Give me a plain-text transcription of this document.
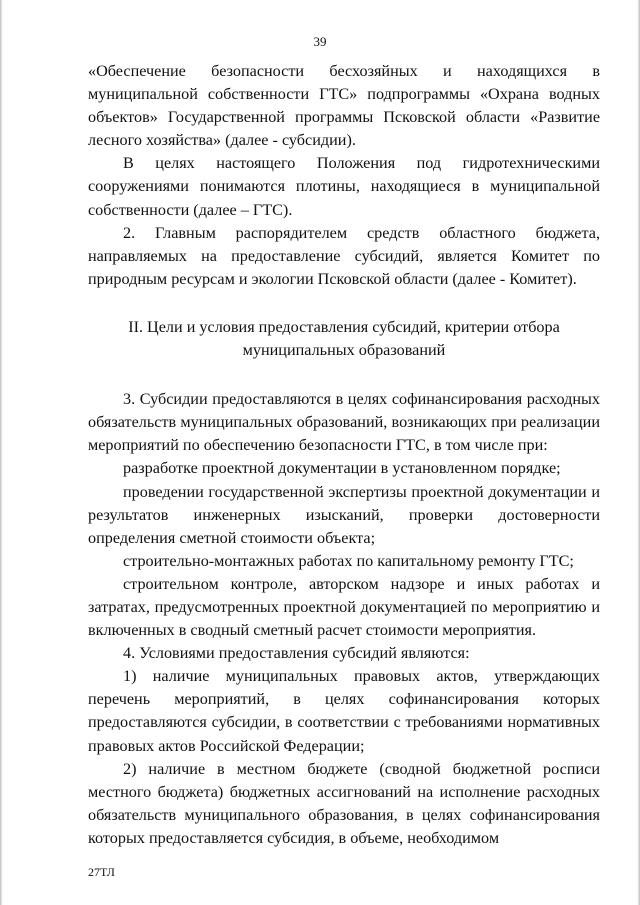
39

«Обеспечение безопасности бесхозяйных и находящихся в муниципальной собственности ГТС» подпрограммы «Охрана водных объектов» Государственной программы Псковской области «Развитие лесного хозяйства» (далее - субсидии).

В целях настоящего Положения под гидротехническими сооружениями понимаются плотины, находящиеся в муниципальной собственности (далее – ГТС).

2. Главным распорядителем средств областного бюджета, направляемых на предоставление субсидий, является Комитет по природным ресурсам и экологии Псковской области (далее - Комитет).

II. Цели и условия предоставления субсидий, критерии отбора муниципальных образований

3. Субсидии предоставляются в целях софинансирования расходных обязательств муниципальных образований, возникающих при реализации мероприятий по обеспечению безопасности ГТС, в том числе при:

разработке проектной документации в установленном порядке;

проведении государственной экспертизы проектной документации и результатов инженерных изысканий, проверки достоверности определения сметной стоимости объекта;

строительно-монтажных работах по капитальному ремонту ГТС;

строительном контроле, авторском надзоре и иных работах и затратах, предусмотренных проектной документацией по мероприятию и включенных в сводный сметный расчет стоимости мероприятия.

4. Условиями предоставления субсидий являются:

1) наличие муниципальных правовых актов, утверждающих перечень мероприятий, в целях софинансирования которых предоставляются субсидии, в соответствии с требованиями нормативных правовых актов Российской Федерации;

2) наличие в местном бюджете (сводной бюджетной росписи местного бюджета) бюджетных ассигнований на исполнение расходных обязательств муниципального образования, в целях софинансирования которых предоставляется субсидия, в объеме, необходимом

27ТЛ
